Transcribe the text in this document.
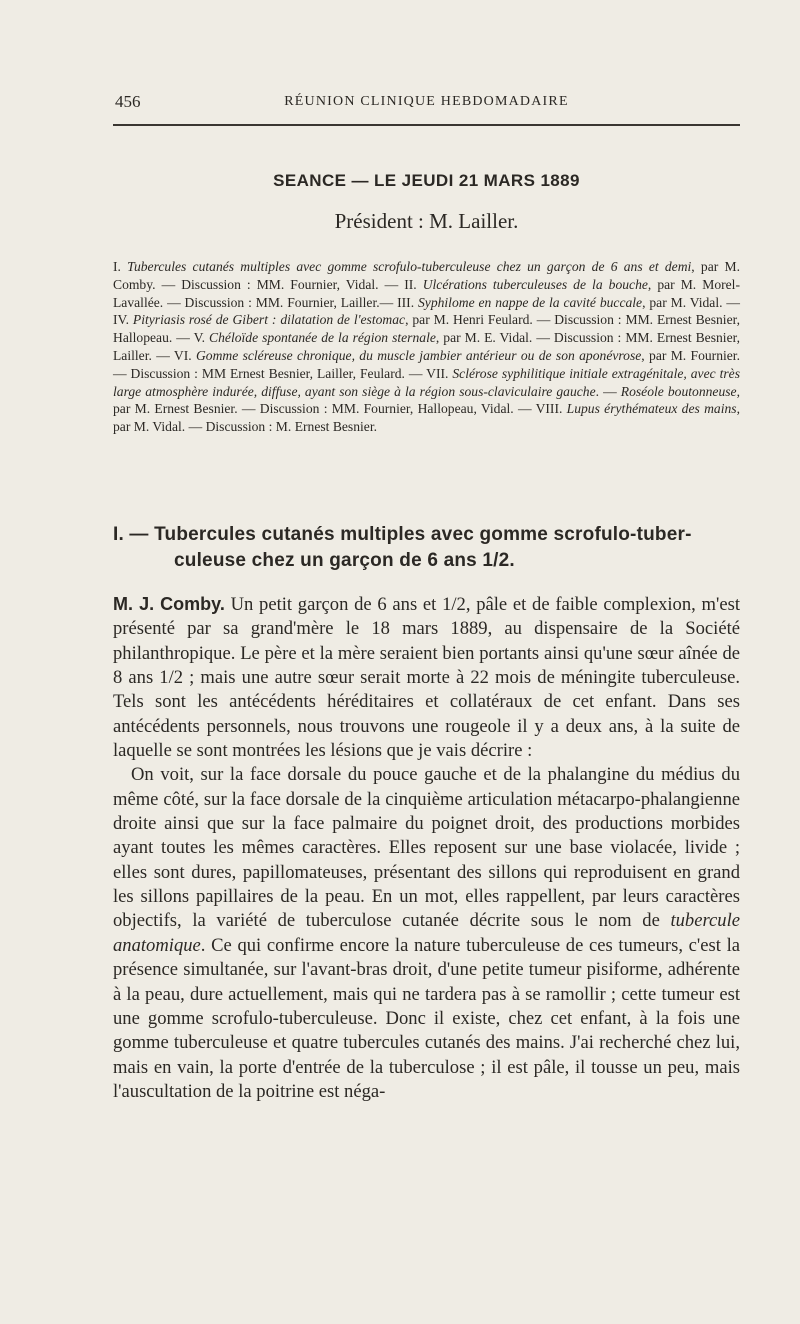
456	RÉUNION CLINIQUE HEBDOMADAIRE
SEANCE — LE JEUDI 21 MARS 1889
Président : M. Lailler.
I. Tubercules cutanés multiples avec gomme scrofulo-tuberculeuse chez un garçon de 6 ans et demi, par M. Comby. — Discussion : MM. Fournier, Vidal. — II. Ulcérations tuberculeuses de la bouche, par M. Morel-Lavallée. — Discussion : MM. Fournier, Lailler.— III. Syphilome en nappe de la cavité buccale, par M. Vidal. — IV. Pityriasis rosé de Gibert : dilatation de l'estomac, par M. Henri Feulard. — Discussion : MM. Ernest Besnier, Hallopeau. — V. Chéloïde spontanée de la région sternale, par M. E. Vidal. — Discussion : MM. Ernest Besnier, Lailler. — VI. Gomme scléreuse chronique, du muscle jambier antérieur ou de son aponévrose, par M. Fournier. — Discussion : MM Ernest Besnier, Lailler, Feulard. — VII. Sclérose syphilitique initiale extragénitale, avec très large atmosphère indurée, diffuse, ayant son siège à la région sous-claviculaire gauche. — Roséole boutonneuse, par M. Ernest Besnier. — Discussion : MM. Fournier, Hallopeau, Vidal. — VIII. Lupus érythémateux des mains, par M. Vidal. — Discussion : M. Ernest Besnier.
I. — Tubercules cutanés multiples avec gomme scrofulo-tuber-
culeuse chez un garçon de 6 ans 1/2.

M. J. Comby. Un petit garçon de 6 ans et 1/2, pâle et de faible complexion, m'est présenté par sa grand'mère le 18 mars 1889, au dispensaire de la Société philanthropique. Le père et la mère seraient bien portants ainsi qu'une sœur aînée de 8 ans 1/2 ; mais une autre sœur serait morte à 22 mois de méningite tuberculeuse. Tels sont les antécédents héréditaires et collatéraux de cet enfant. Dans ses antécédents personnels, nous trouvons une rougeole il y a deux ans, à la suite de laquelle se sont montrées les lésions que je vais décrire :

On voit, sur la face dorsale du pouce gauche et de la phalangine du médius du même côté, sur la face dorsale de la cinquième articulation métacarpo-phalangienne droite ainsi que sur la face palmaire du poignet droit, des productions morbides ayant toutes les mêmes caractères. Elles reposent sur une base violacée, livide ; elles sont dures, papillomateuses, présentant des sillons qui reproduisent en grand les sillons papillaires de la peau. En un mot, elles rappellent, par leurs caractères objectifs, la variété de tuberculose cutanée décrite sous le nom de tubercule anatomique. Ce qui confirme encore la nature tuberculeuse de ces tumeurs, c'est la présence simultanée, sur l'avant-bras droit, d'une petite tumeur pisiforme, adhérente à la peau, dure actuellement, mais qui ne tardera pas à se ramollir ; cette tumeur est une gomme scrofulo-tuberculeuse. Donc il existe, chez cet enfant, à la fois une gomme tuberculeuse et quatre tubercules cutanés des mains. J'ai recherché chez lui, mais en vain, la porte d'entrée de la tuberculose ; il est pâle, il tousse un peu, mais l'auscultation de la poitrine est néga-
